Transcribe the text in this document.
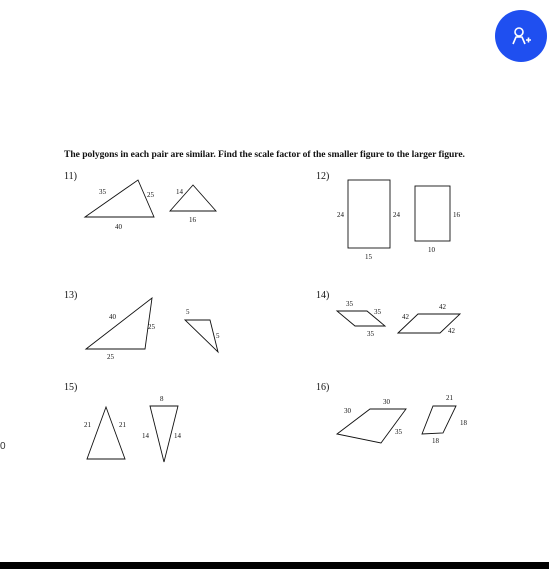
0
The polygons in each pair are similar. Find the scale factor of the smaller figure to the larger figure.
11)	12)
13)	14)
15)	16)
35	25
40
14
16
24	24
15
16
10
40
25
25
5
5
35
35
35
42
42
42
21	21
8
14	14
30
30
35
21
18
18
